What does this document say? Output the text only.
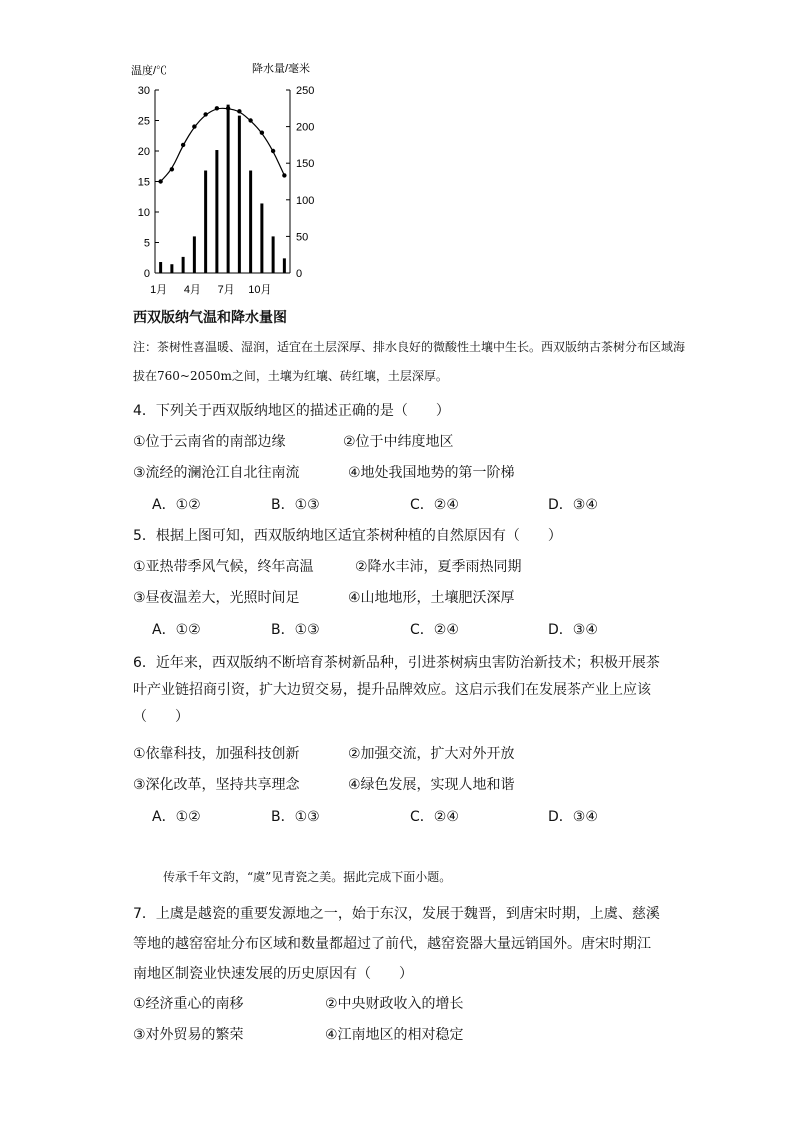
温度/℃	降水量/毫米
30
25
20
15
10
5
0
250
200
150
100
50
0
1月 4月 7月 10月
西双版纳气温和降水量图
注：茶树性喜温暖、湿润，适宜在土层深厚、排水良好的微酸性土壤中生长。西双版纳古茶树分布区域海拔在760~2050m之间，土壤为红壤、砖红壤，土层深厚。
4．下列关于西双版纳地区的描述正确的是（　　）
①位于云南省的南部边缘	②位于中纬度地区
③流经的澜沧江自北往南流	④地处我国地势的第一阶梯
A．①②	B．①③	C．②④	D．③④
5．根据上图可知，西双版纳地区适宜茶树种植的自然原因有（　　）
①亚热带季风气候，终年高温	②降水丰沛，夏季雨热同期
③昼夜温差大，光照时间足	④山地地形，土壤肥沃深厚
A．①②	B．①③	C．②④	D．③④
6．近年来，西双版纳不断培育茶树新品种，引进茶树病虫害防治新技术；积极开展茶叶产业链招商引资，扩大边贸交易，提升品牌效应。这启示我们在发展茶产业上应该（　　）
①依靠科技，加强科技创新	②加强交流，扩大对外开放
③深化改革，坚持共享理念	④绿色发展，实现人地和谐
A．①②	B．①③	C．②④	D．③④
传承千年文韵，“虞”见青瓷之美。据此完成下面小题。
7．上虞是越瓷的重要发源地之一，始于东汉，发展于魏晋，到唐宋时期，上虞、慈溪等地的越窑窑址分布区域和数量都超过了前代，越窑瓷器大量远销国外。唐宋时期江南地区制瓷业快速发展的历史原因有（　　）
①经济重心的南移	②中央财政收入的增长
③对外贸易的繁荣	④江南地区的相对稳定
